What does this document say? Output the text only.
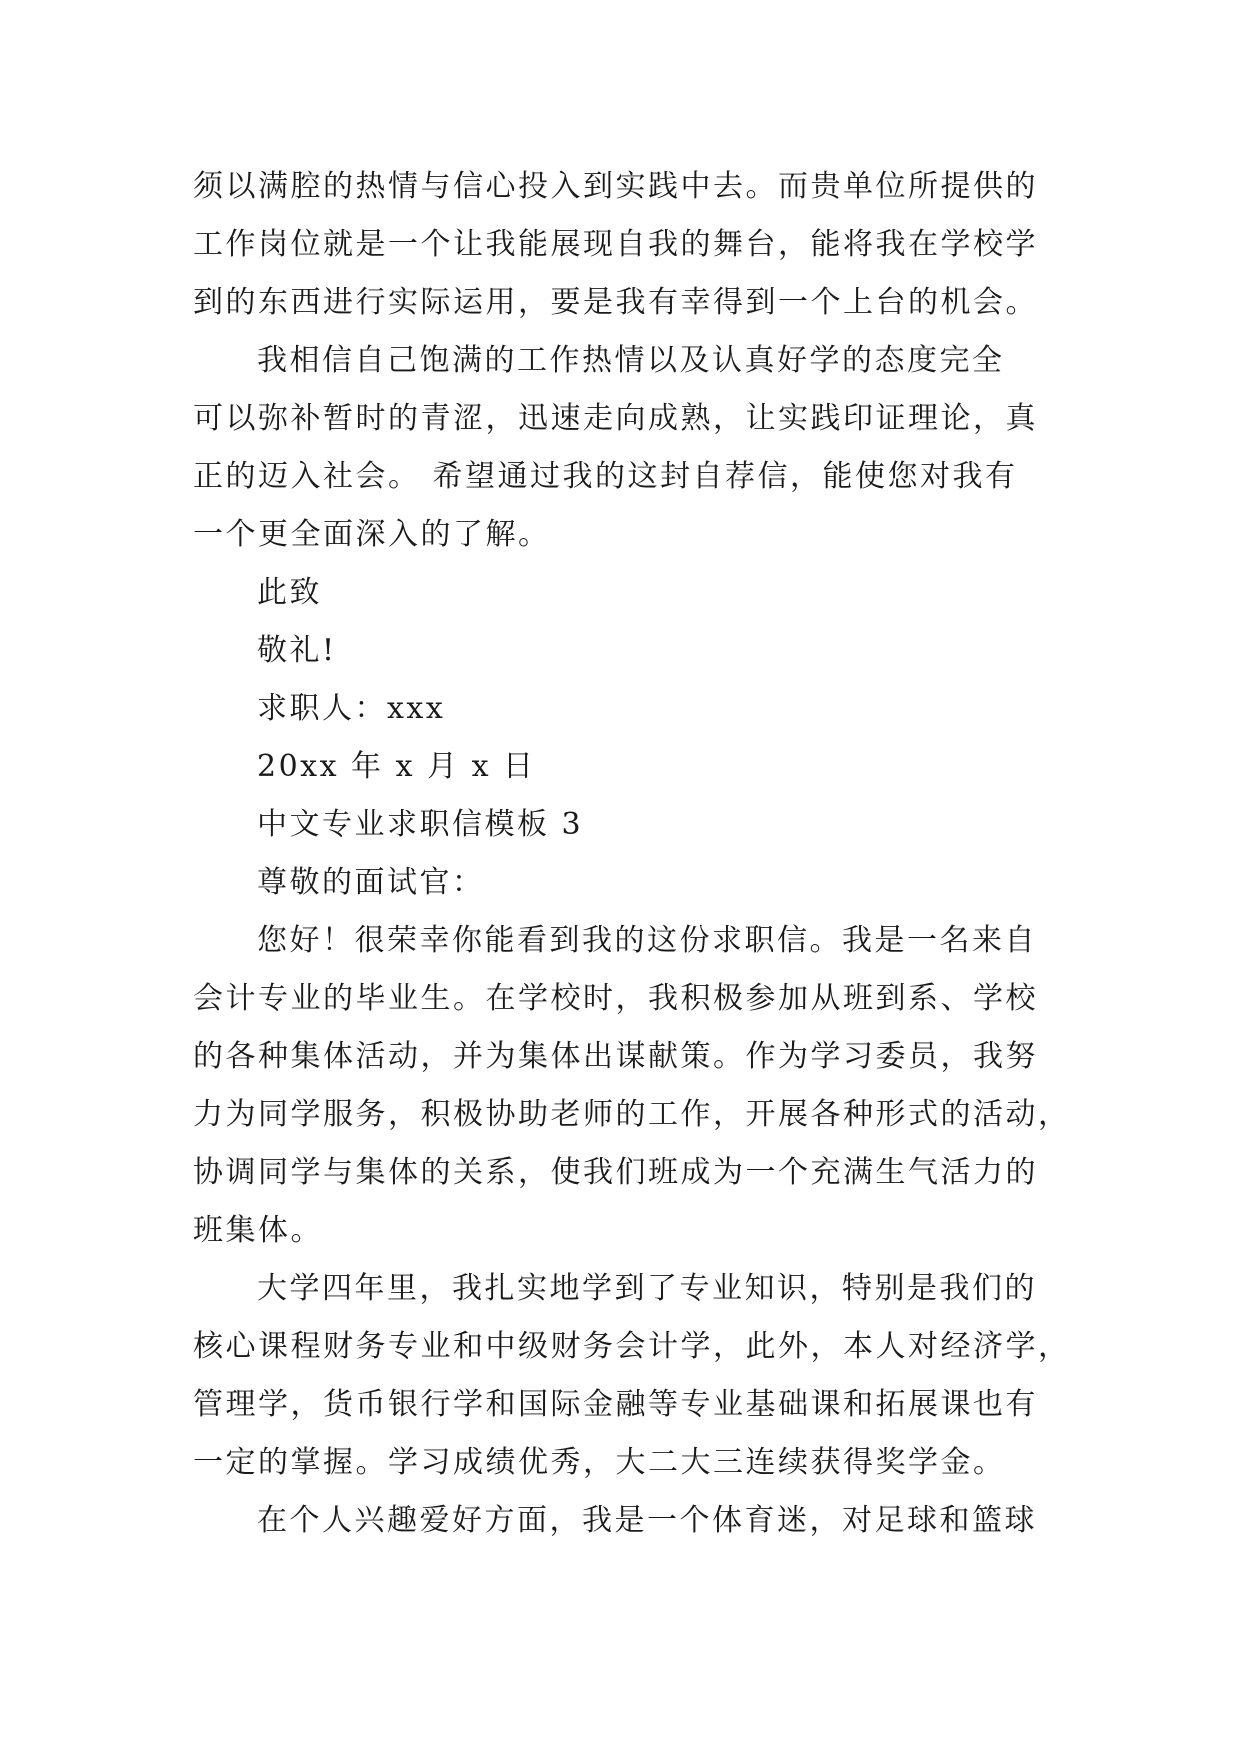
须以满腔的热情与信心投入到实践中去。而贵单位所提供的
工作岗位就是一个让我能展现自我的舞台，能将我在学校学
到的东西进行实际运用，要是我有幸得到一个上台的机会。
我相信自己饱满的工作热情以及认真好学的态度完全
可以弥补暂时的青涩，迅速走向成熟，让实践印证理论，真
正的迈入社会。 希望通过我的这封自荐信，能使您对我有
一个更全面深入的了解。
此致
敬礼!
求职人：xxx
20xx 年 x 月 x 日
中文专业求职信模板 3
尊敬的面试官：
您好！很荣幸你能看到我的这份求职信。我是一名来自
会计专业的毕业生。在学校时，我积极参加从班到系、学校
的各种集体活动，并为集体出谋献策。作为学习委员，我努
力为同学服务，积极协助老师的工作，开展各种形式的活动，
协调同学与集体的关系，使我们班成为一个充满生气活力的
班集体。
大学四年里，我扎实地学到了专业知识，特别是我们的
核心课程财务专业和中级财务会计学，此外，本人对经济学，
管理学，货币银行学和国际金融等专业基础课和拓展课也有
一定的掌握。学习成绩优秀，大二大三连续获得奖学金。
在个人兴趣爱好方面，我是一个体育迷，对足球和篮球
